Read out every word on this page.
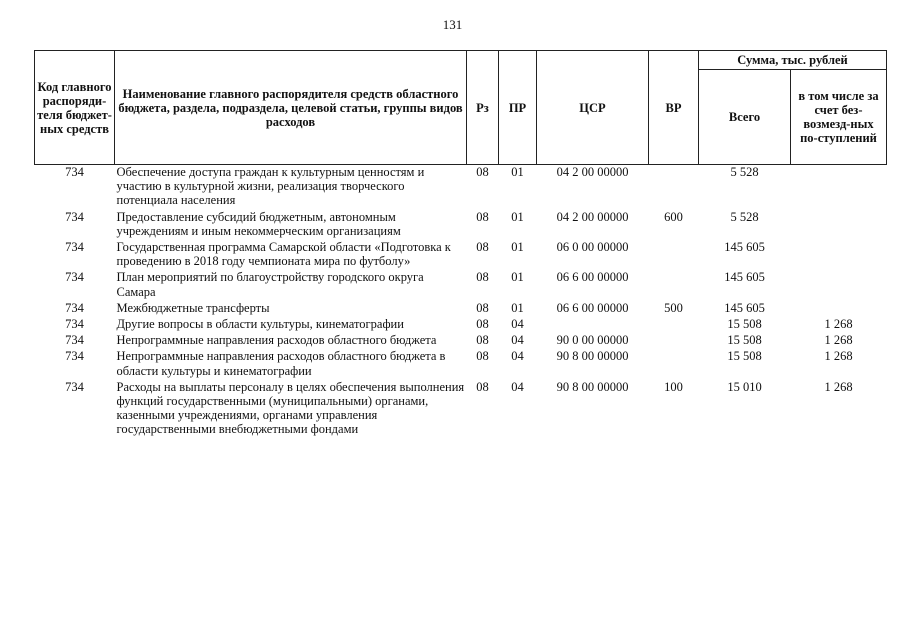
131
Код главного распоряди-теля бюджет-ных средств	Наименование главного распорядителя средств областного бюджета, раздела, подраздела, целевой статьи, группы видов расходов	Рз	ПР	ЦСР	ВР	Сумма, тыс. рублей	
						Всего	в том числе за счет без-возмезд-ных по-ступлений
734	Обеспечение доступа граждан к культурным ценностям и участию в культурной жизни, реализация творческого потенциала населения	08	01	04 2 00 00000		5 528	
734	Предоставление субсидий бюджетным, автономным учреждениям и иным некоммерческим организациям	08	01	04 2 00 00000	600	5 528	
734	Государственная программа Самарской области «Подготовка к проведению в 2018 году чемпионата мира по футболу»	08	01	06 0 00 00000		145 605	
734	План мероприятий по благоустройству городского округа Самара	08	01	06 6 00 00000		145 605	
734	Межбюджетные трансферты	08	01	06 6 00 00000	500	145 605	
734	Другие вопросы в области культуры, кинематографии	08	04			15 508	1 268
734	Непрограммные направления расходов областного бюджета	08	04	90 0 00 00000		15 508	1 268
734	Непрограммные направления расходов областного бюджета в области культуры и кинематографии	08	04	90 8 00 00000		15 508	1 268
734	Расходы на выплаты персоналу в целях обеспечения выполнения функций государственными (муниципальными) органами, казенными учреждениями, органами управления государственными внебюджетными фондами	08	04	90 8 00 00000	100	15 010	1 268
